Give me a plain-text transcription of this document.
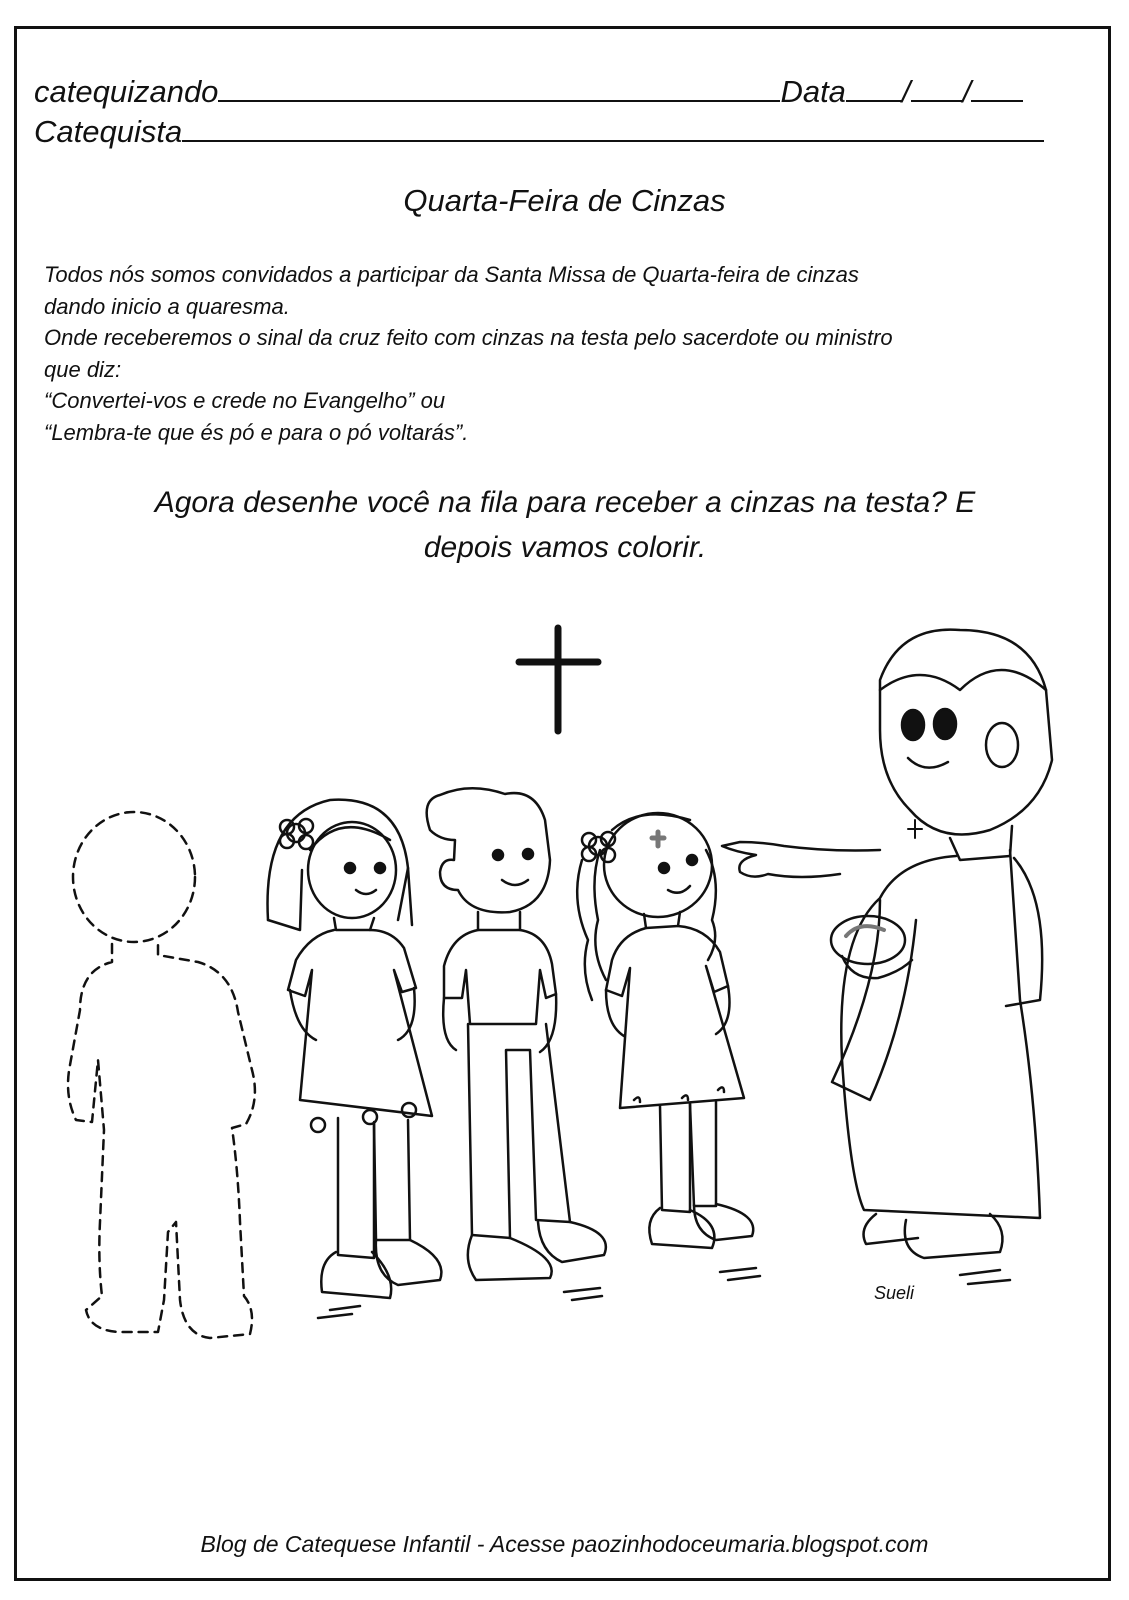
catequizando	Data / /
Catequista
Quarta-Feira de Cinzas
Todos nós somos convidados a participar da Santa Missa de Quarta-feira de cinzas
dando inicio a quaresma.
Onde receberemos o sinal da cruz feito com cinzas na testa pelo sacerdote ou ministro
que diz:
“Convertei-vos e crede no Evangelho” ou
“Lembra-te que és pó e para o pó voltarás”.
Agora desenhe você na fila para receber a cinzas na testa? E
depois vamos colorir.
Sueli
Blog de Catequese Infantil - Acesse paozinhodoceumaria.blogspot.com
